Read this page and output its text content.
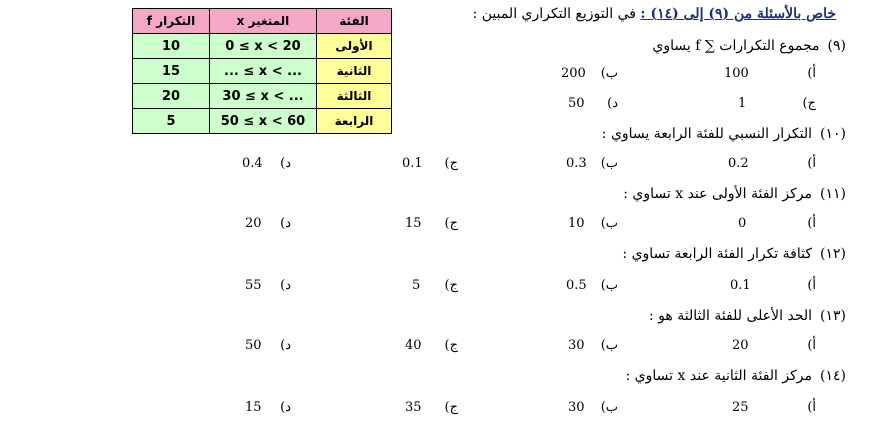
خاص بالأسئلة من (٩) إلى (١٤) : في التوزيع التكراري المبين :
الفئة	المتغير x	التكرار f
الأولى	0 ≤ x < 20	10
الثانية	... ≤ x < ...	15
الثالثة	30 ≤ x < ...	20
الرابعة	50 ≤ x < 60	5
(٩)مجموع التكرارات ∑ f يساوي
أ)
100
ب)
200
ج)
1
د)
50
(١٠)التكرار النسبي للفئة الرابعة يساوي :
أ)
0.2
ب)
0.3
ج)
0.1
د)
0.4
(١١)مركز الفئة الأولى عند x تساوي :
أ)
0
ب)
10
ج)
15
د)
20
(١٢)كثافة تكرار الفئة الرابعة تساوي :
أ)
0.1
ب)
0.5
ج)
5
د)
55
(١٣)الحد الأعلى للفئة الثالثة هو :
أ)
20
ب)
30
ج)
40
د)
50
(١٤)مركز الفئة الثانية عند x تساوي :
أ)
25
ب)
30
ج)
35
د)
15
